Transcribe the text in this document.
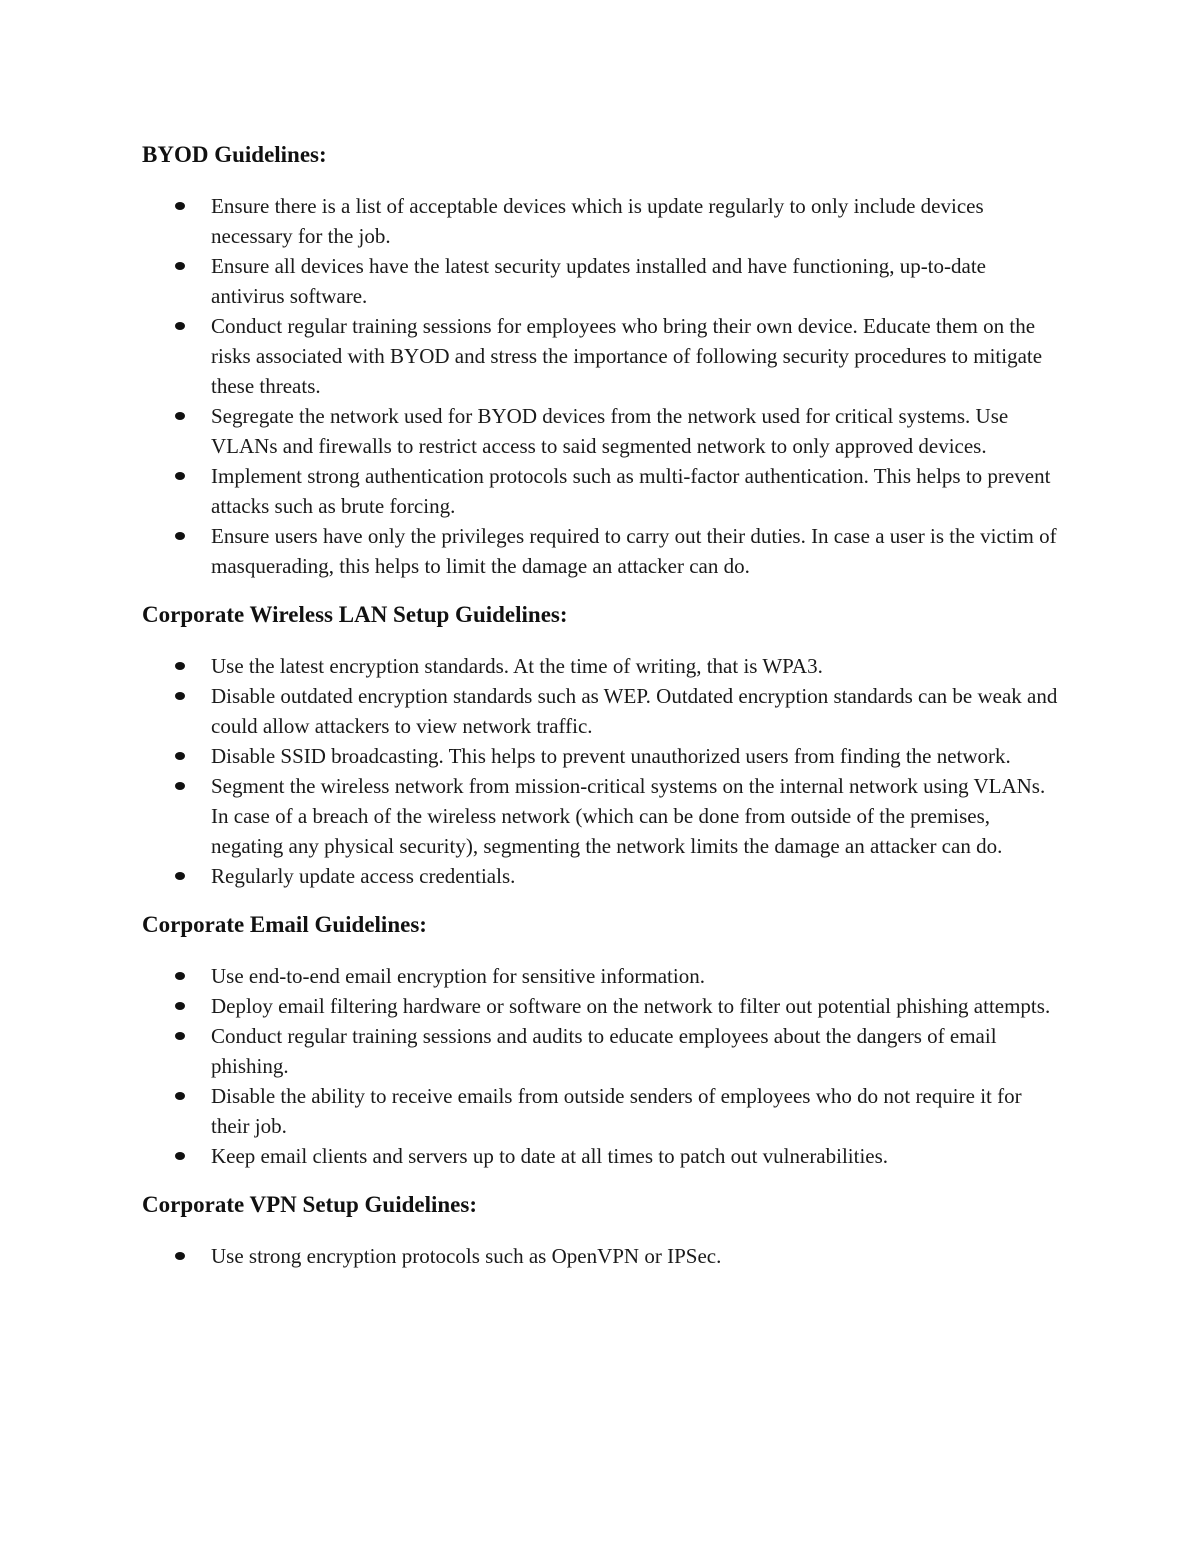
BYOD Guidelines:
Ensure there is a list of acceptable devices which is update regularly to only include devices necessary for the job.
Ensure all devices have the latest security updates installed and have functioning, up-to-date antivirus software.
Conduct regular training sessions for employees who bring their own device. Educate them on the risks associated with BYOD and stress the importance of following security procedures to mitigate these threats.
Segregate the network used for BYOD devices from the network used for critical systems. Use VLANs and firewalls to restrict access to said segmented network to only approved devices.
Implement strong authentication protocols such as multi-factor authentication. This helps to prevent attacks such as brute forcing.
Ensure users have only the privileges required to carry out their duties. In case a user is the victim of masquerading, this helps to limit the damage an attacker can do.
Corporate Wireless LAN Setup Guidelines:
Use the latest encryption standards. At the time of writing, that is WPA3.
Disable outdated encryption standards such as WEP. Outdated encryption standards can be weak and could allow attackers to view network traffic.
Disable SSID broadcasting. This helps to prevent unauthorized users from finding the network.
Segment the wireless network from mission-critical systems on the internal network using VLANs. In case of a breach of the wireless network (which can be done from outside of the premises, negating any physical security), segmenting the network limits the damage an attacker can do.
Regularly update access credentials.
Corporate Email Guidelines:
Use end-to-end email encryption for sensitive information.
Deploy email filtering hardware or software on the network to filter out potential phishing attempts.
Conduct regular training sessions and audits to educate employees about the dangers of email phishing.
Disable the ability to receive emails from outside senders of employees who do not require it for their job.
Keep email clients and servers up to date at all times to patch out vulnerabilities.
Corporate VPN Setup Guidelines:
Use strong encryption protocols such as OpenVPN or IPSec.
